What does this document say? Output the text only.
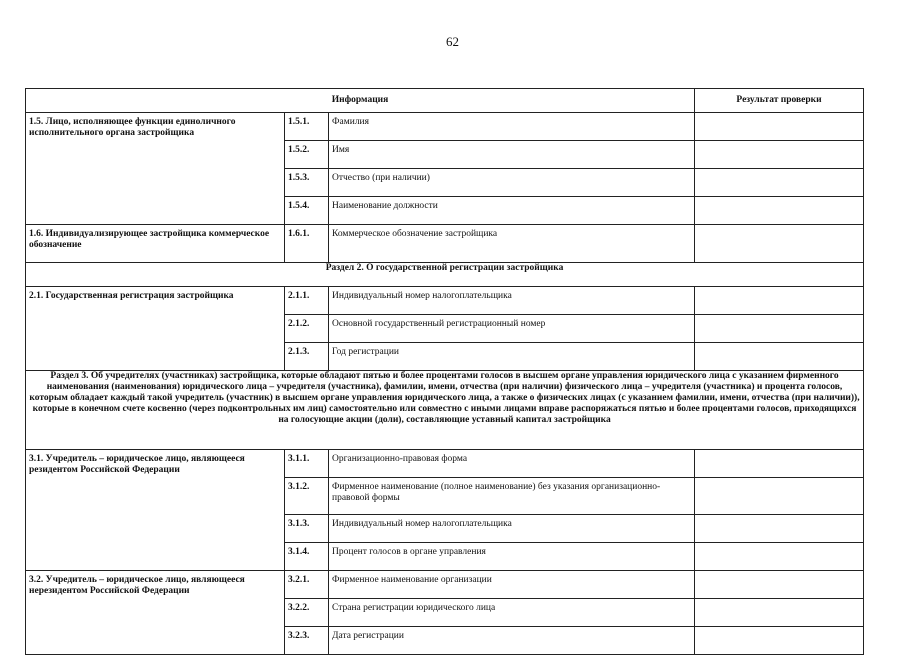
62
Информация			Результат проверки
1.5. Лицо, исполняющее функции единоличного исполнительного органа застройщика	1.5.1.	Фамилия	
	1.5.2.	Имя	
	1.5.3.	Отчество (при наличии)	
	1.5.4.	Наименование должности	
1.6. Индивидуализирующее застройщика коммерческое обозначение	1.6.1.	Коммерческое обозначение застройщика	
Раздел 2. О государственной регистрации застройщика			
2.1. Государственная регистрация застройщика	2.1.1.	Индивидуальный номер налогоплательщика	
	2.1.2.	Основной государственный регистрационный номер	
	2.1.3.	Год регистрации	
Раздел 3. Об учредителях (участниках) застройщика, которые обладают пятью и более процентами голосов в высшем органе управления юридического лица с указанием фирменного наименования (наименования) юридического лица – учредителя (участника), фамилии, имени, отчества (при наличии) физического лица – учредителя (участника) и процента голосов, которым обладает каждый такой учредитель (участник) в высшем органе управления юридического лица, а также о физических лицах (с указанием фамилии, имени, отчества (при наличии)), которые в конечном счете косвенно (через подконтрольных им лиц) самостоятельно или совместно с иными лицами вправе распоряжаться пятью и более процентами голосов, приходящихся на голосующие акции (доли), составляющие уставный капитал застройщика			
3.1. Учредитель – юридическое лицо, являющееся резидентом Российской Федерации	3.1.1.	Организационно-правовая форма	
	3.1.2.	Фирменное наименование (полное наименование) без указания организационно-правовой формы	
	3.1.3.	Индивидуальный номер налогоплательщика	
	3.1.4.	Процент голосов в органе управления	
3.2. Учредитель – юридическое лицо, являющееся нерезидентом Российской Федерации	3.2.1.	Фирменное наименование организации	
	3.2.2.	Страна регистрации юридического лица	
	3.2.3.	Дата регистрации	
